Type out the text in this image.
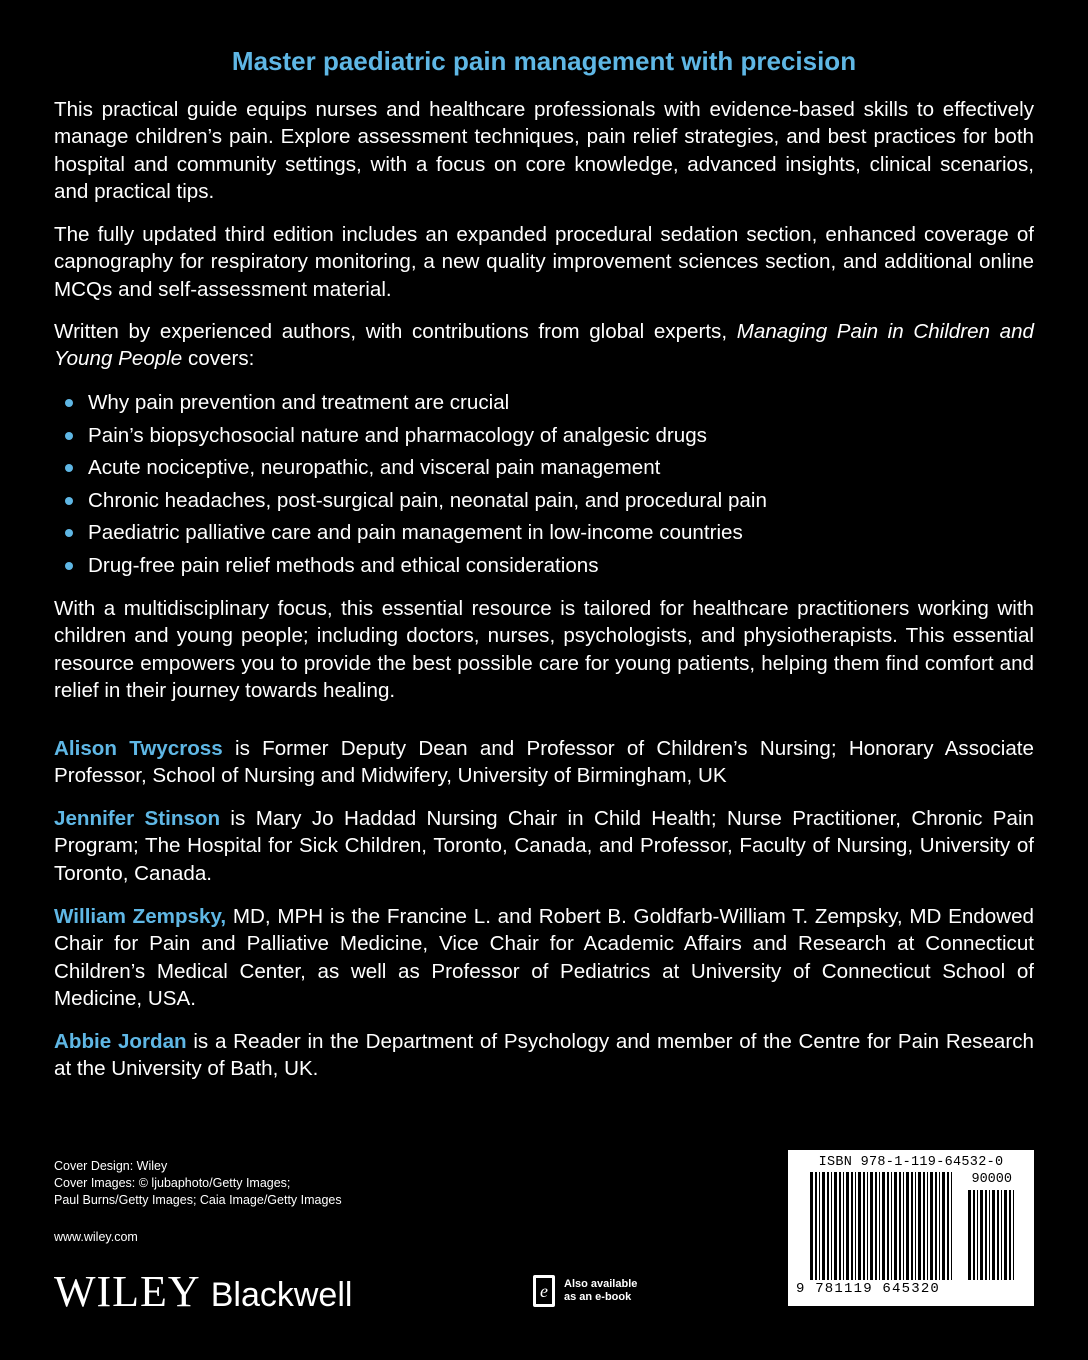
Master paediatric pain management with precision

This practical guide equips nurses and healthcare professionals with evidence-based skills to effectively manage children’s pain. Explore assessment techniques, pain relief strategies, and best practices for both hospital and community settings, with a focus on core knowledge, advanced insights, clinical scenarios, and practical tips.

The fully updated third edition includes an expanded procedural sedation section, enhanced coverage of capnography for respiratory monitoring, a new quality improvement sciences section, and additional online MCQs and self-assessment material.

Written by experienced authors, with contributions from global experts, Managing Pain in Children and Young People covers:

Why pain prevention and treatment are crucial
Pain’s biopsychosocial nature and pharmacology of analgesic drugs
Acute nociceptive, neuropathic, and visceral pain management
Chronic headaches, post-surgical pain, neonatal pain, and procedural pain
Paediatric palliative care and pain management in low-income countries
Drug-free pain relief methods and ethical considerations

With a multidisciplinary focus, this essential resource is tailored for healthcare practitioners working with children and young people; including doctors, nurses, psychologists, and physiotherapists. This essential resource empowers you to provide the best possible care for young patients, helping them find comfort and relief in their journey towards healing.

Alison Twycross is Former Deputy Dean and Professor of Children’s Nursing; Honorary Associate Professor, School of Nursing and Midwifery, University of Birmingham, UK

Jennifer Stinson is Mary Jo Haddad Nursing Chair in Child Health; Nurse Practitioner, Chronic Pain Program; The Hospital for Sick Children, Toronto, Canada, and Professor, Faculty of Nursing, University of Toronto, Canada.

William Zempsky, MD, MPH is the Francine L. and Robert B. Goldfarb-William T. Zempsky, MD Endowed Chair for Pain and Palliative Medicine, Vice Chair for Academic Affairs and Research at Connecticut Children’s Medical Center, as well as Professor of Pediatrics at University of Connecticut School of Medicine, USA.

Abbie Jordan is a Reader in the Department of Psychology and member of the Centre for Pain Research at the University of Bath, UK.

Cover Design: Wiley
Cover Images: © ljubaphoto/Getty Images;
Paul Burns/Getty Images; Caia Image/Getty Images
www.wiley.com
WILEY Blackwell	e Also available
as an e-book
ISBN 978-1-119-64532-0
90000
9 781119 645320
